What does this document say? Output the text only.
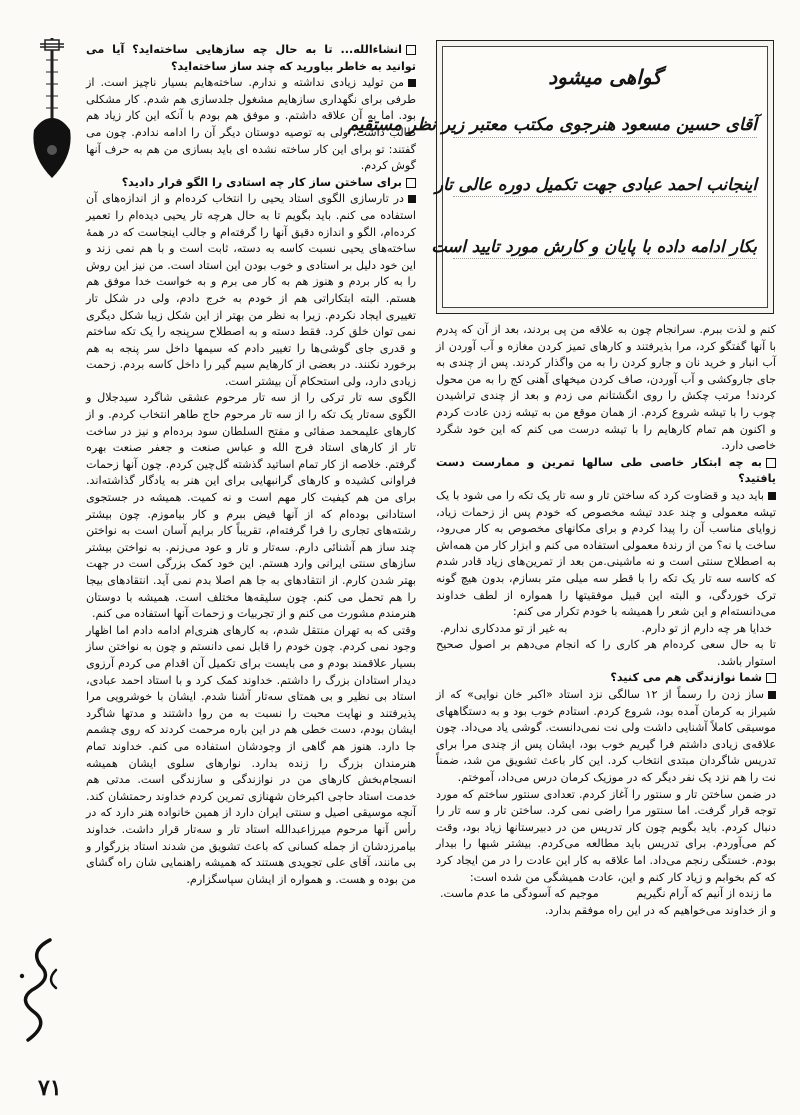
۷۱
گواهی میشود
آقای حسین مسعود هنرجوی مکتب معتبر زیر نظر مستقیم
اینجانب احمد عبادی جهت تکمیل دوره عالی تار
بکار ادامه داده با پایان و کارش مورد تایید است

انشاءالله... تا به حال چه سازهایی ساخته‌اید؟ آیا می توانید به خاطر بیاورید که چند ساز ساخته‌اید؟

من تولید زیادی نداشته و ندارم. ساخته‌هایم بسیار ناچیز است. از طرفی برای نگهداری سازهایم مشغول جلدسازی هم شدم. کار مشکلی بود. اما به آن علاقه داشتم. و موفق هم بودم با آنکه این کار زیاد هم طالب داشت، ولی به توصیه دوستان دیگر آن را ادامه ندادم. چون می گفتند: تو برای این کار ساخته نشده ای باید بسازی من هم به حرف آنها گوش کردم.

برای ساختن ساز کار چه استادی را الگو قرار دادید؟

در تارسازی الگوی استاد یحیی را انتخاب کرده‌ام و از اندازه‌های آن استفاده می کنم. باید بگویم تا به حال هرچه تار یحیی دیده‌ام را تعمیر کرده‌ام، الگو و اندازه دقیق آنها را گرفته‌ام و جالب اینجاست که در همهٔ ساخته‌های یحیی نسبت کاسه به دسته، ثابت است و با هم نمی زند و این خود دلیل بر استادی و خوب بودن این استاد است. من نیز این روش را به کار بردم و هنوز هم به کار می برم و به خواست خدا موفق هم هستم. البته ابتکاراتی هم از خودم به خرج دادم، ولی در شکل تار تغییری ایجاد نکردم. زیرا به نظر من بهتر از این شکل زیبا شکل دیگری نمی توان خلق کرد. فقط دسته و به اصطلاح سرپنجه را یک تکه ساختم و قدری جای گوشی‌ها را تغییر دادم که سیمها داخل سر پنجه به هم برخورد نکنند. در بعضی از کارهایم سیم گیر را داخل کاسه بردم. زحمت زیادی دارد، ولی استحکام آن بیشتر است.

الگوی سه تار ترکی را از سه تار مرحوم عشقی شاگرد سیدجلال و الگوی سه‌تار یک تکه را از سه تار مرحوم حاج طاهر انتخاب کردم. و از کارهای علیمحمد صفائی و مفتح السلطان سود برده‌ام و نیز در ساخت تار از کارهای استاد فرج الله و عباس صنعت و جعفر صنعت بهره گرفتم. خلاصه از کار تمام اساتید گذشته گل‌چین کردم. چون آنها زحمات فراوانی کشیده و کارهای گرانبهایی برای این هنر به یادگار گذاشته‌اند. برای من هم کیفیت کار مهم است و نه کمیت. همیشه در جستجوی استادانی بوده‌ام که از آنها فیض ببرم و کار بیاموزم. چون بیشتر رشته‌های تجاری را فرا گرفته‌ام، تقریباً کار برایم آسان است به نواختن چند ساز هم آشنائی دارم. سه‌تار و تار و عود می‌زنم. به نواختن بیشتر سازهای سنتی ایرانی وارد هستم. این خود کمک بزرگی است در جهت بهتر شدن کارم. از انتقادهای به جا هم اصلا بدم نمی آید. انتقادهای بیجا را هم تحمل می کنم. چون سلیقه‌ها مختلف است. همیشه با دوستان هنرمندم مشورت می کنم و از تجربیات و زحمات آنها استفاده می کنم.

وقتی که به تهران منتقل شدم، به کارهای هنری‌ام ادامه دادم اما اظهار وجود نمی کردم. چون خودم را قابل نمی دانستم و چون به نواختن ساز بسیار علاقمند بودم و می بایست برای تکمیل آن اقدام می کردم آرزوی دیدار استادان بزرگ را داشتم. خداوند کمک کرد و با استاد احمد عبادی، استاد بی نظیر و بی همتای سه‌تار آشنا شدم. ایشان با خوشرویی مرا پذیرفتند و نهایت محبت را نسبت به من روا داشتند و مدتها شاگرد ایشان بودم، دست خطی هم در این باره مرحمت کردند که روی چشمم جا دارد. هنوز هم گاهی از وجودشان استفاده می کنم. خداوند تمام هنرمندان بزرگ را زنده بدارد. نوارهای سلوی ایشان همیشه انسجام‌بخش کارهای من در نوازندگی و سازندگی است. مدتی هم خدمت استاد حاجی اکبرخان شهنازی تمرین کردم خداوند رحمتشان کند. آنچه موسیقی اصیل و سنتی ایران دارد از همین خانواده هنر دارد که در رأس آنها مرحوم میرزاعبدالله استاد تار و سه‌تار قرار داشت. خداوند بیامرزدشان از جمله کسانی که باعث تشویق من شدند استاد بزرگوار و بی مانند، آقای علی تجویدی هستند که همیشه راهنمایی شان راه گشای من بوده و هست. و همواره از ایشان سپاسگزارم.

کنم و لذت ببرم. سرانجام چون به علاقه من پی بردند، بعد از آن که پدرم با آنها گفتگو کرد، مرا بذیرفتند و کارهای تمیز کردن مغازه و آب آوردن از آب انبار و خرید نان و جارو کردن را به من واگذار کردند. پس از چندی به جای جاروکشی و آب آوردن، صاف کردن میخهای آهنی کج را به من محول کردند! مرتب چکش را روی انگشتانم می زدم و بعد از چندی تراشیدن چوب را با تیشه شروع کردم. از همان موقع من به تیشه زدن عادت کردم و اکنون هم تمام کارهایم را با تیشه درست می کنم که این خود شگرد خاصی دارد.

به چه ابتکار خاصی طی سالها تمرین و ممارست دست یافتید؟

باید دید و قضاوت کرد که ساختن تار و سه تار یک تکه را می شود با یک تیشه معمولی و چند عدد تیشه مخصوص که خودم پس از زحمات زیاد، زوایای مناسب آن را پیدا کردم و برای مکانهای مخصوص به کار می‌رود، ساخت یا نه؟ من از رندهٔ معمولی استفاده می کنم و ابزار کار من همه‌اش به اصطلاح سنتی است و نه ماشینی.من بعد از تمرین‌های زیاد قادر شدم که کاسه سه تار یک تکه را با قطر سه میلی متر بسازم، بدون هیچ گونه ترک خوردگی، و البته این قبیل موفقیتها را همواره از لطف خداوند می‌دانسته‌ام و این شعر را همیشه با خودم تکرار می کنم:

خدایا هر چه دارم از تو دارم.
به غیر از تو مددکاری ندارم.

تا به حال سعی کرده‌ام هر کاری را که انجام می‌دهم بر اصول صحیح استوار باشد.

شما نوازندگی هم می کنید؟

ساز زدن را رسماً از ۱۲ سالگی نزد استاد «اکبر خان نوایی» که از شیراز به کرمان آمده بود، شروع کردم. استادم خوب بود و به دستگاههای موسیقی کاملاً آشنایی داشت ولی نت نمی‌دانست. گوشی یاد می‌داد. چون علاقه‌ی زیادی داشتم فرا گیریم خوب بود، ایشان پس از چندی مرا برای تدریس شاگردان مبتدی انتخاب کرد. این کار باعث تشویق من شد، ضمناً نت را هم نزد یک نفر دیگر که در موزیک کرمان درس می‌داد، آموختم.

در ضمن ساختن تار و سنتور را آغاز کردم. تعدادی سنتور ساختم که مورد توجه قرار گرفت. اما سنتور مرا راضی نمی کرد. ساختن تار و سه تار را دنبال کردم. باید بگویم چون کار تدریس من در دبیرستانها زیاد بود، وقت کم می‌آوردم. برای تدریس باید مطالعه می‌کردم. بیشتر شبها را بیدار بودم. خستگی رنجم می‌داد. اما علاقه به کار این عادت را در من ایجاد کرد که کم بخوابم و زیاد کار کنم و این، عادت همیشگی من شده است:

ما زنده از آنیم که آرام نگیریم
موجیم که آسودگی ما عدم ماست.

و از خداوند می‌خواهیم که در این راه موفقم بدارد.
